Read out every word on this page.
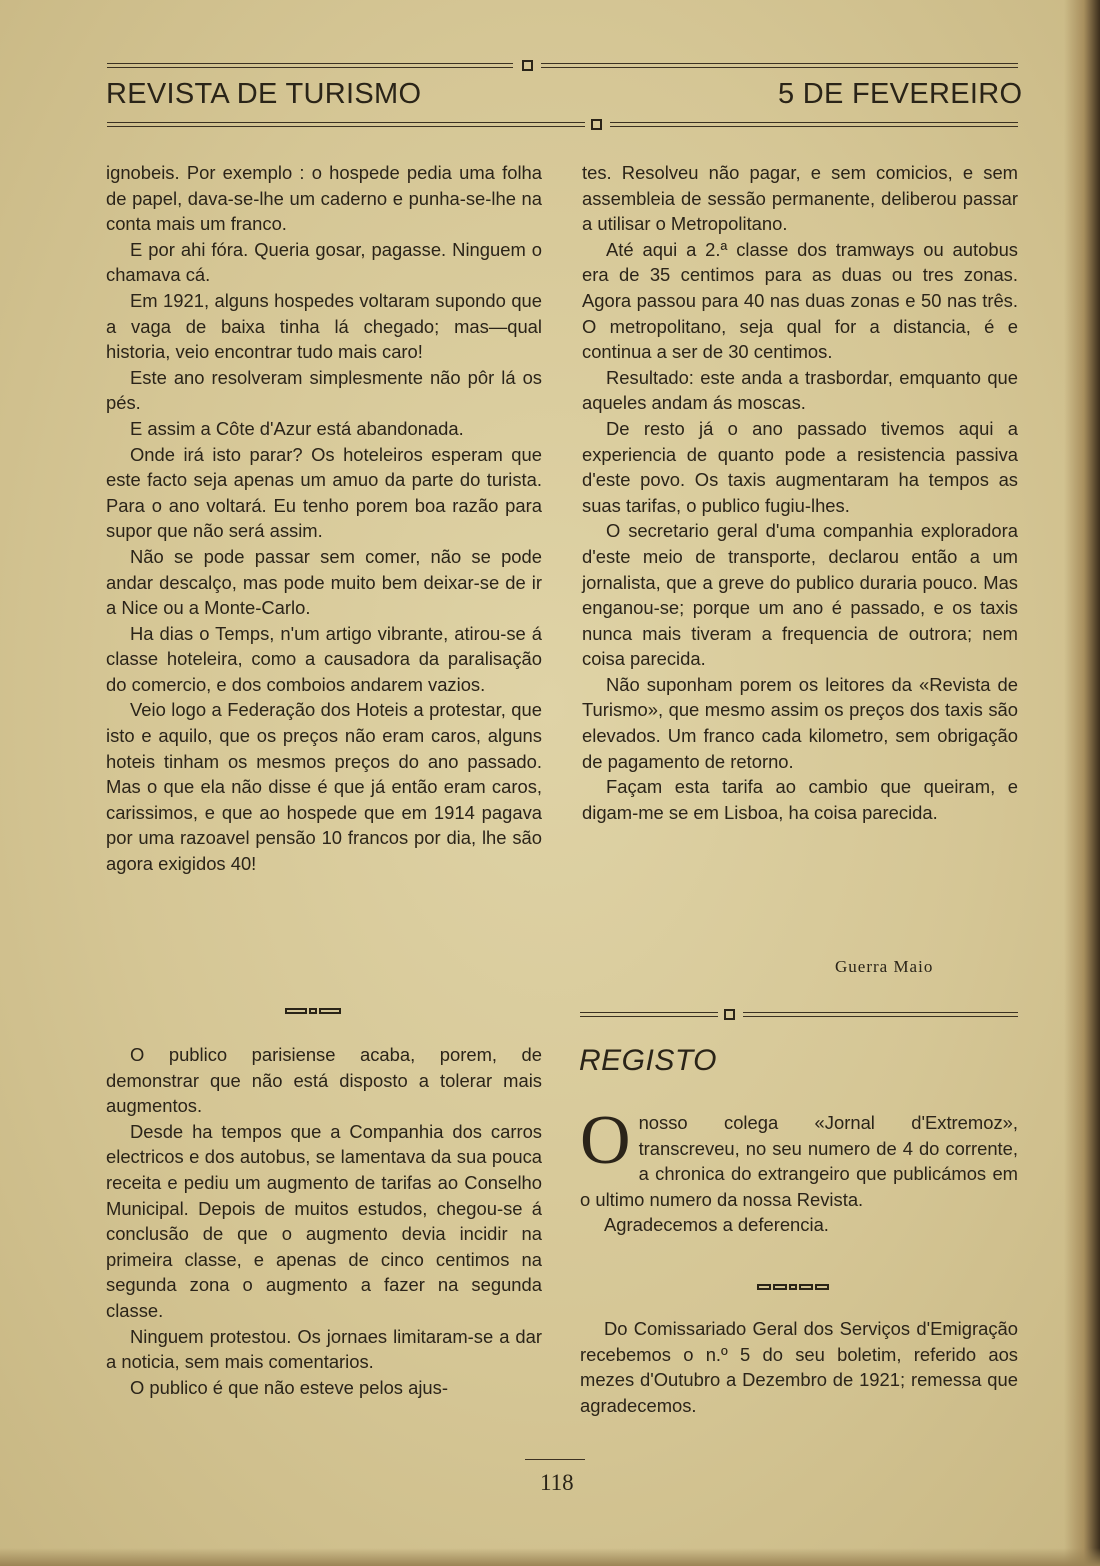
REVISTA DE TURISMO	5 DE FEVEREIRO

ignobeis. Por exemplo : o hospede pedia uma folha de papel, dava-se-lhe um caderno e punha-se-lhe na conta mais um franco.

E por ahi fóra. Queria gosar, pagasse. Ninguem o chamava cá.

Em 1921, alguns hospedes voltaram supondo que a vaga de baixa tinha lá chegado; mas—qual historia, veio encontrar tudo mais caro!

Este ano resolveram simplesmente não pôr lá os pés.

E assim a Côte d'Azur está abandonada.

Onde irá isto parar? Os hoteleiros esperam que este facto seja apenas um amuo da parte do turista. Para o ano voltará. Eu tenho porem boa razão para supor que não será assim.

Não se pode passar sem comer, não se pode andar descalço, mas pode muito bem deixar-se de ir a Nice ou a Monte-Carlo.

Ha dias o Temps, n'um artigo vibrante, atirou-se á classe hoteleira, como a causadora da paralisação do comercio, e dos comboios andarem vazios.

Veio logo a Federação dos Hoteis a protestar, que isto e aquilo, que os preços não eram caros, alguns hoteis tinham os mesmos preços do ano passado. Mas o que ela não disse é que já então eram caros, carissimos, e que ao hospede que em 1914 pagava por uma razoavel pensão 10 francos por dia, lhe são agora exigidos 40!

O publico parisiense acaba, porem, de demonstrar que não está disposto a tolerar mais augmentos.

Desde ha tempos que a Companhia dos carros electricos e dos autobus, se lamentava da sua pouca receita e pediu um augmento de tarifas ao Conselho Municipal. Depois de muitos estudos, chegou-se á conclusão de que o augmento devia incidir na primeira classe, e apenas de cinco centimos na segunda zona o augmento a fazer na segunda classe.

Ninguem protestou. Os jornaes limitaram-se a dar a noticia, sem mais comentarios.

O publico é que não esteve pelos ajus-

tes. Resolveu não pagar, e sem comicios, e sem assembleia de sessão permanente, deliberou passar a utilisar o Metropolitano.

Até aqui a 2.ª classe dos tramways ou autobus era de 35 centimos para as duas ou tres zonas. Agora passou para 40 nas duas zonas e 50 nas três. O metropolitano, seja qual for a distancia, é e continua a ser de 30 centimos.

Resultado: este anda a trasbordar, emquanto que aqueles andam ás moscas.

De resto já o ano passado tivemos aqui a experiencia de quanto pode a resistencia passiva d'este povo. Os taxis augmentaram ha tempos as suas tarifas, o publico fugiu-lhes.

O secretario geral d'uma companhia exploradora d'este meio de transporte, declarou então a um jornalista, que a greve do publico duraria pouco. Mas enganou-se; porque um ano é passado, e os taxis nunca mais tiveram a frequencia de outrora; nem coisa parecida.

Não suponham porem os leitores da «Revista de Turismo», que mesmo assim os preços dos taxis são elevados. Um franco cada kilometro, sem obrigação de pagamento de retorno.

Façam esta tarifa ao cambio que queiram, e digam-me se em Lisboa, ha coisa parecida.

Guerra Maio
REGISTO

Onosso colega «Jornal d'Extremoz», transcreveu, no seu numero de 4 do corrente, a chronica do extrangeiro que publicámos em o ultimo numero da nossa Revista.

Agradecemos a deferencia.

Do Comissariado Geral dos Serviços d'Emigração recebemos o n.º 5 do seu boletim, referido aos mezes d'Outubro a Dezembro de 1921; remessa que agradecemos.

118
